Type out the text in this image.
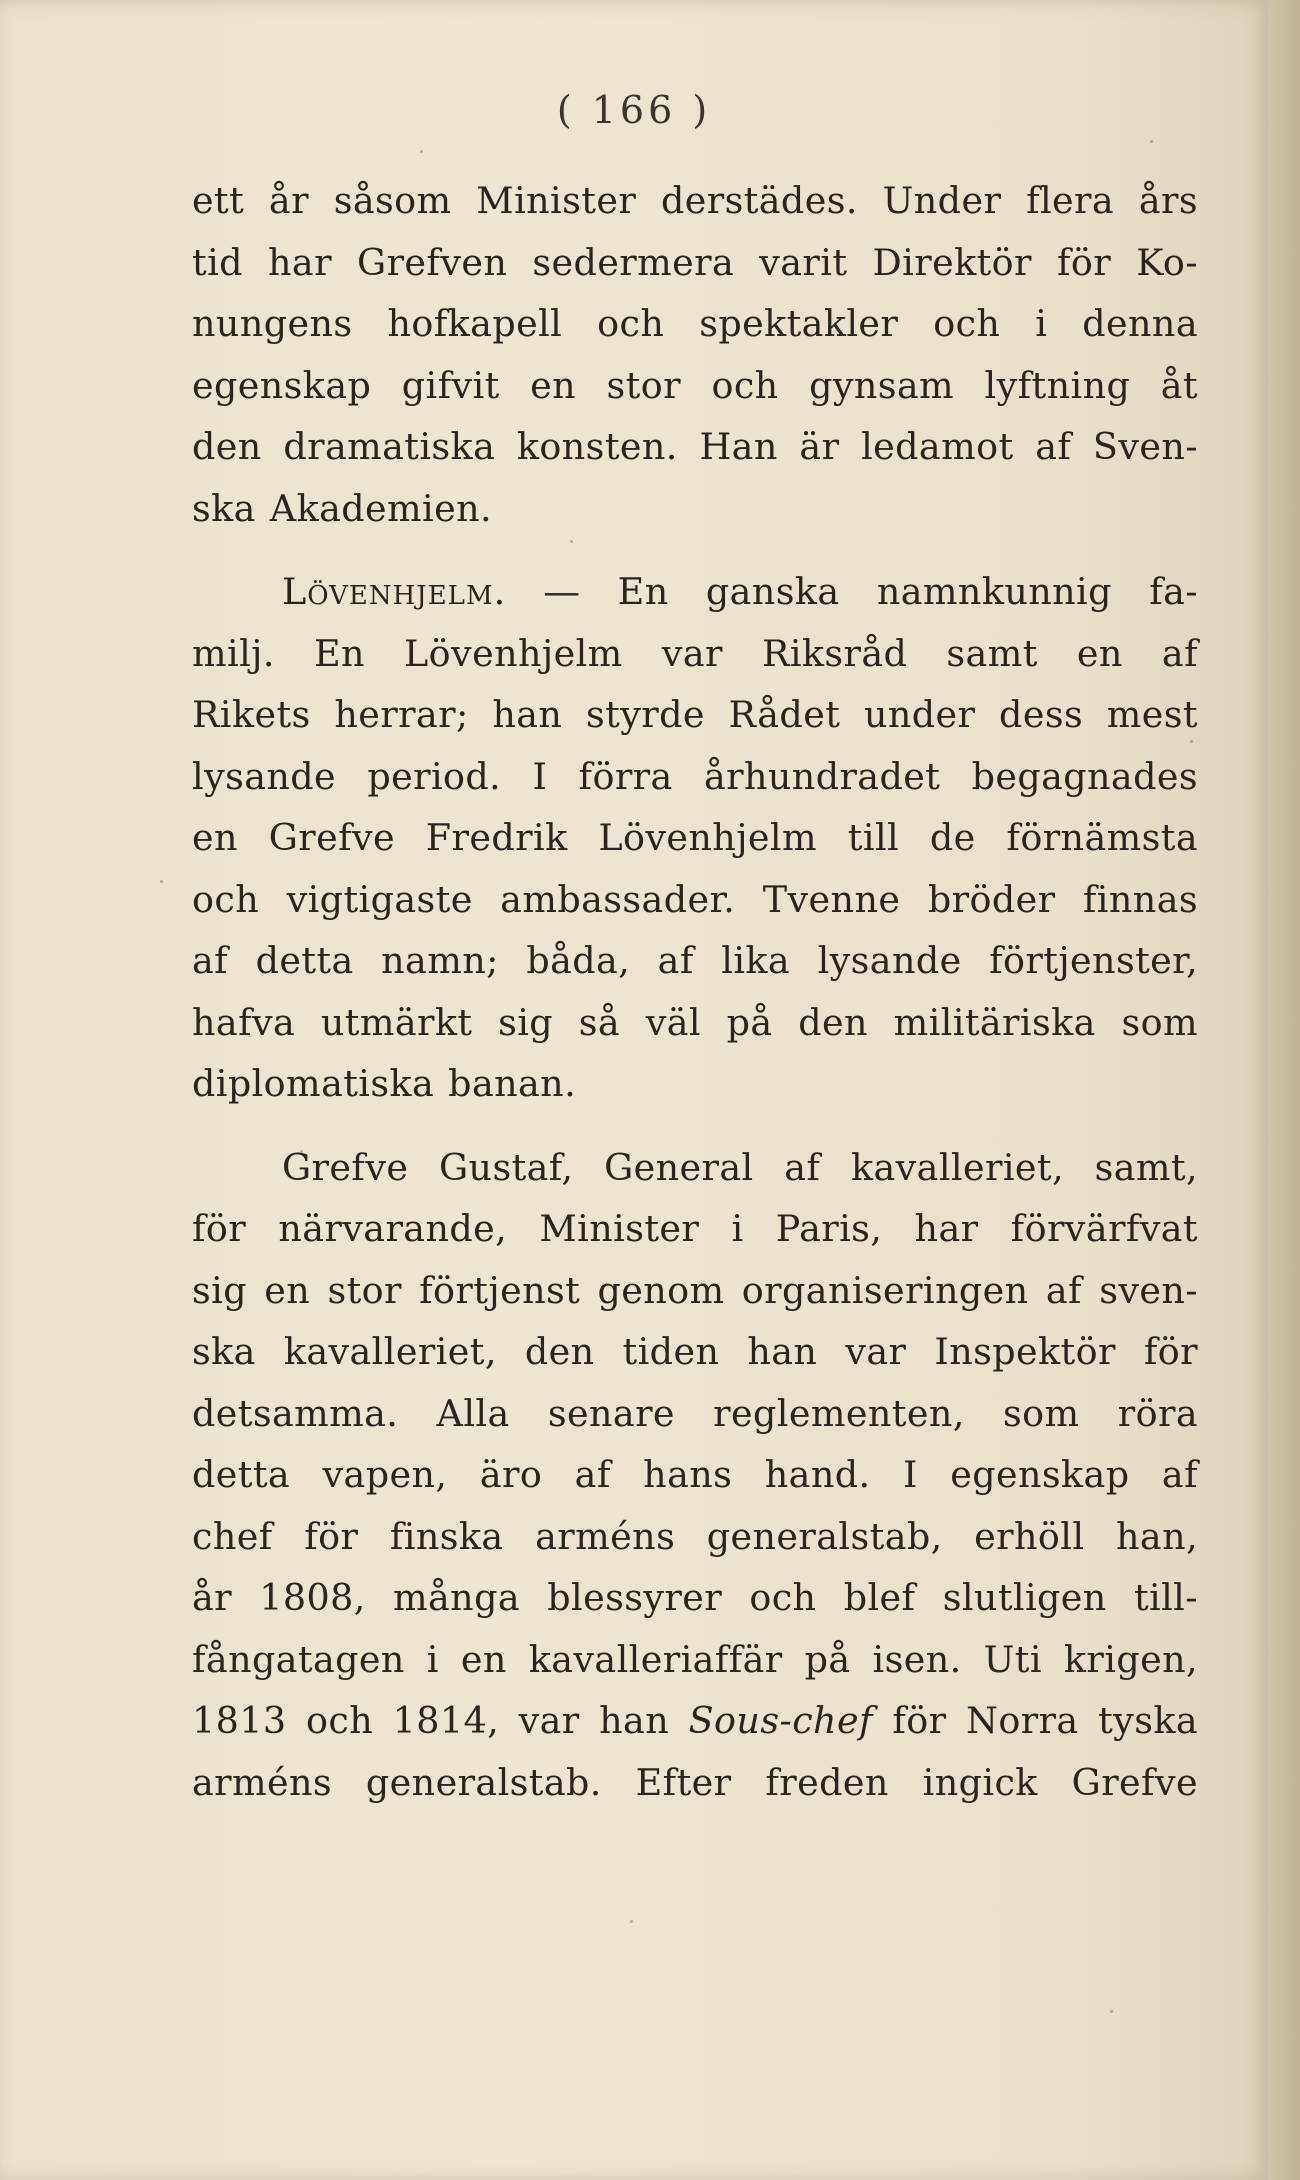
( 166 )
ett år såsom Minister derstädes. Under flera års
tid har Grefven sedermera varit Direktör för Ko-
nungens hofkapell och spektakler och i denna
egenskap gifvit en stor och gynsam lyftning åt
den dramatiska konsten. Han är ledamot af Sven-
ska Akademien.
Lövenhjelm. — En ganska namnkunnig fa-
milj. En Lövenhjelm var Riksråd samt en af
Rikets herrar; han styrde Rådet under dess mest
lysande period. I förra århundradet begagnades
en Grefve Fredrik Lövenhjelm till de förnämsta
och vigtigaste ambassader. Tvenne bröder finnas
af detta namn; båda, af lika lysande förtjenster,
hafva utmärkt sig så väl på den militäriska som
diplomatiska banan.
Grefve Gustaf, General af kavalleriet, samt,
för närvarande, Minister i Paris, har förvärfvat
sig en stor förtjenst genom organiseringen af sven-
ska kavalleriet, den tiden han var Inspektör för
detsamma. Alla senare reglementen, som röra
detta vapen, äro af hans hand. I egenskap af
chef för finska arméns generalstab, erhöll han,
år 1808, många blessyrer och blef slutligen till-
fångatagen i en kavalleriaffär på isen. Uti krigen,
1813 och 1814, var han Sous-chef för Norra tyska
arméns generalstab. Efter freden ingick Grefve
